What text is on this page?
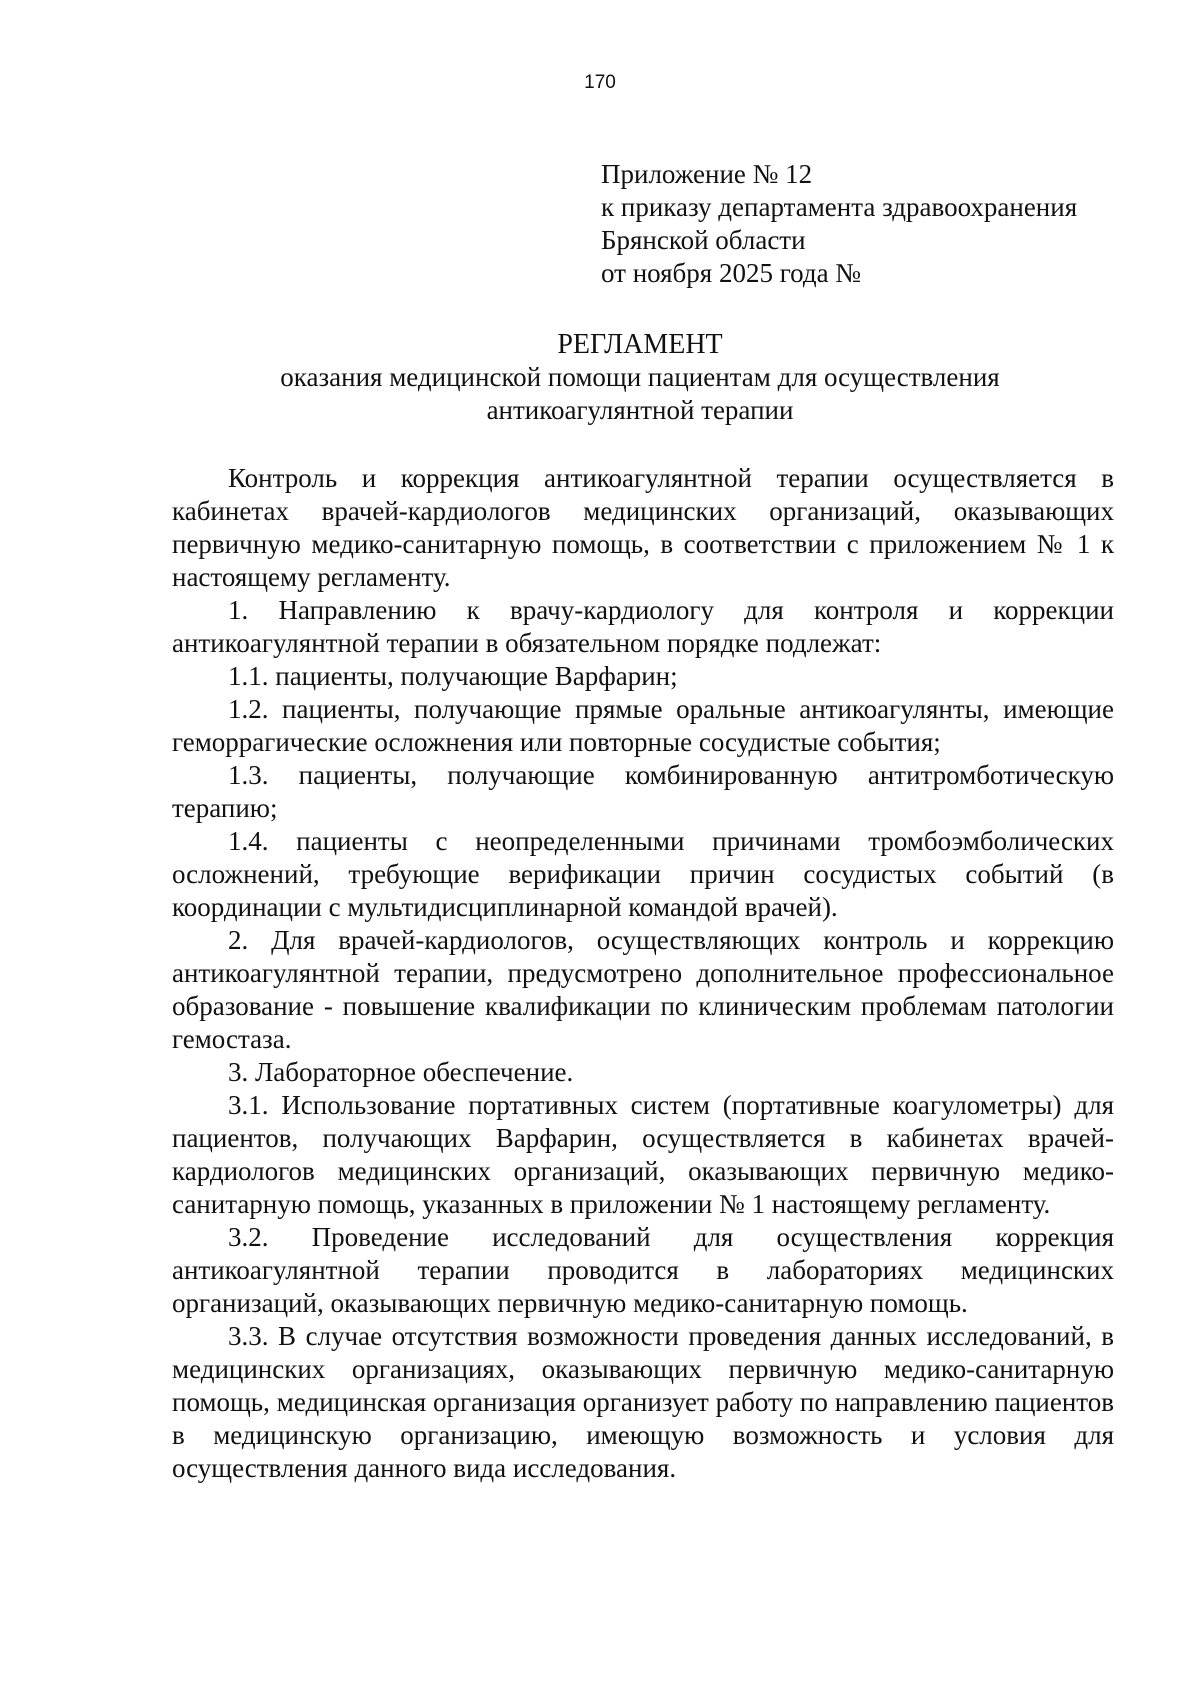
170
Приложение № 12
к приказу департамента здравоохранения
Брянской области
от ноября 2025 года №
РЕГЛАМЕНТ
оказания медицинской помощи пациентам для осуществления
антикоагулянтной терапии

Контроль и коррекция антикоагулянтной терапии осуществляется в кабинетах врачей-кардиологов медицинских организаций, оказывающих первичную медико-санитарную помощь, в соответствии с приложением № 1 к настоящему регламенту.

1. Направлению к врачу-кардиологу для контроля и коррекции антикоагулянтной терапии в обязательном порядке подлежат:

1.1. пациенты, получающие Варфарин;

1.2. пациенты, получающие прямые оральные антикоагулянты, имеющие геморрагические осложнения или повторные сосудистые события;

1.3. пациенты, получающие комбинированную антитромботическую терапию;

1.4. пациенты с неопределенными причинами тромбоэмболических осложнений, требующие верификации причин сосудистых событий (в координации с мультидисциплинарной командой врачей).

2. Для врачей-кардиологов, осуществляющих контроль и коррекцию антикоагулянтной терапии, предусмотрено дополнительное профессиональное образование - повышение квалификации по клиническим проблемам патологии гемостаза.

3. Лабораторное обеспечение.

3.1. Использование портативных систем (портативные коагулометры) для пациентов, получающих Варфарин, осуществляется в кабинетах врачей-кардиологов медицинских организаций, оказывающих первичную медико-санитарную помощь, указанных в приложении № 1 настоящему регламенту.

3.2. Проведение исследований для осуществления коррекция антикоагулянтной терапии проводится в лабораториях медицинских организаций, оказывающих первичную медико-санитарную помощь.

3.3. В случае отсутствия возможности проведения данных исследований, в медицинских организациях, оказывающих первичную медико-санитарную помощь, медицинская организация организует работу по направлению пациентов в медицинскую организацию, имеющую возможность и условия для осуществления данного вида исследования.
